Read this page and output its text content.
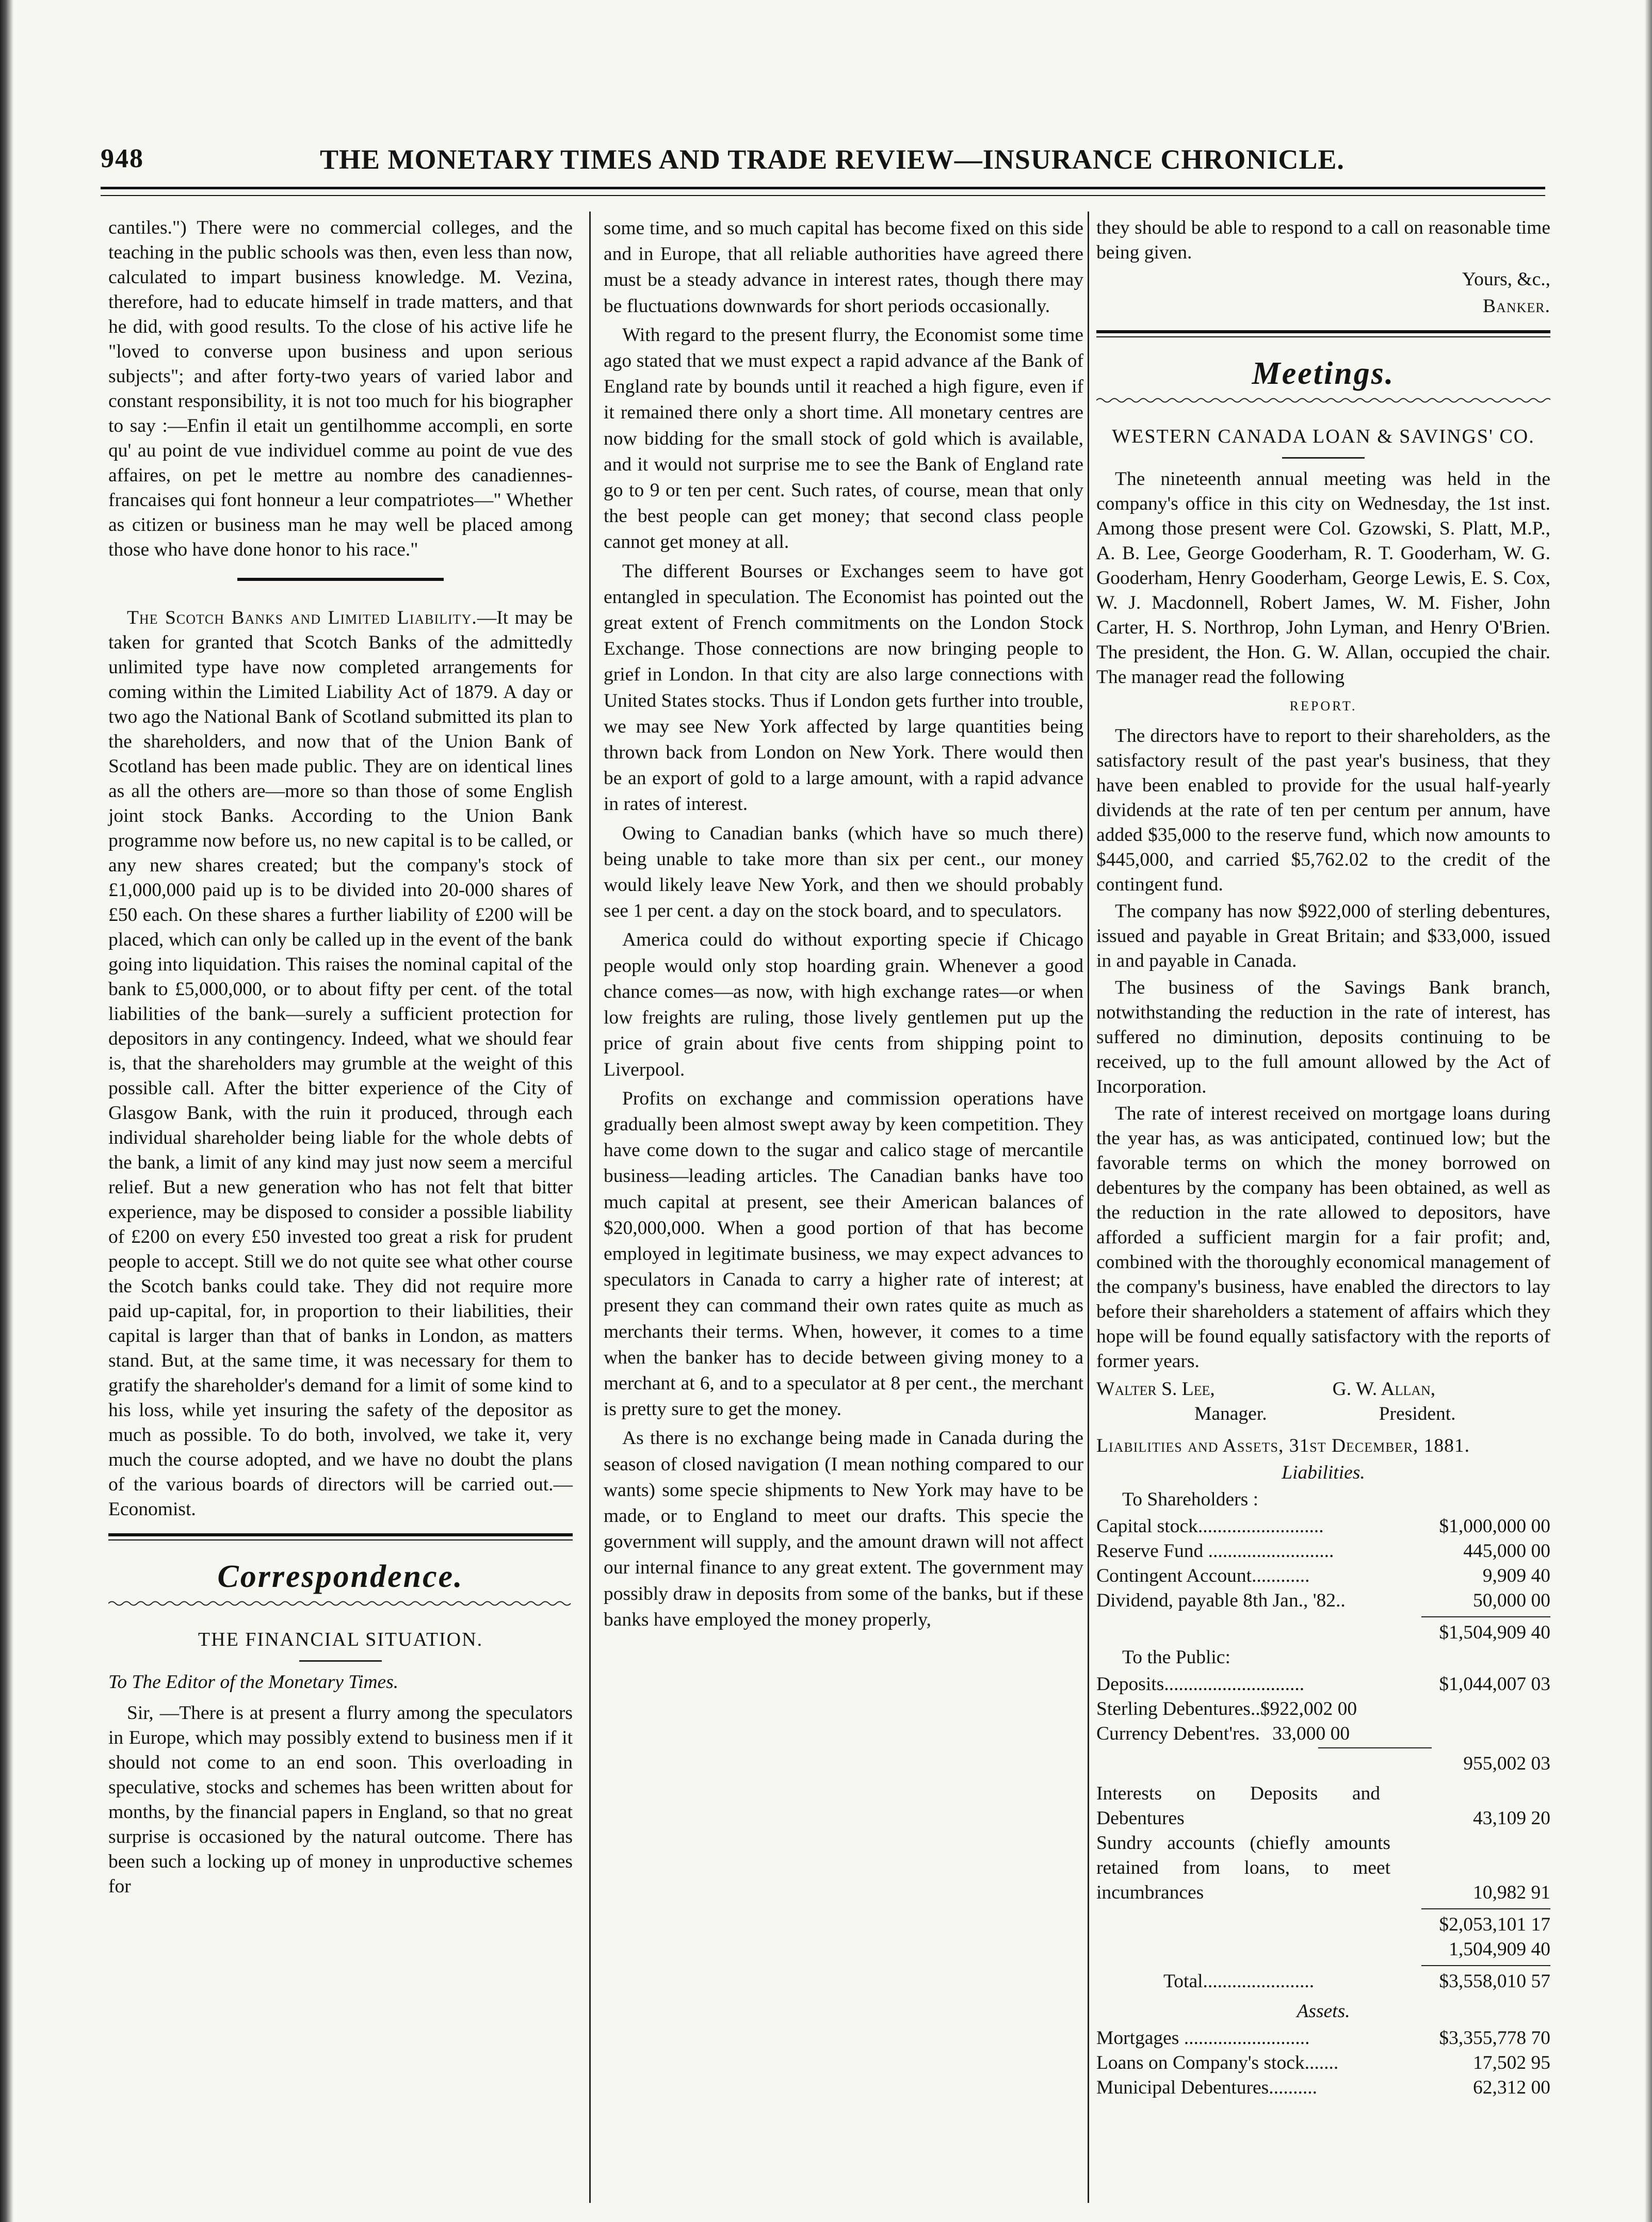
948	THE MONETARY TIMES AND TRADE REVIEW—INSURANCE CHRONICLE.

cantiles.") There were no commercial colleges, and the teaching in the public schools was then, even less than now, calculated to impart business knowledge. M. Vezina, therefore, had to educate himself in trade matters, and that he did, with good results. To the close of his active life he "loved to converse upon business and upon serious subjects"; and after forty-two years of varied labor and constant responsibility, it is not too much for his biographer to say :—Enfin il etait un gentilhomme accompli, en sorte qu' au point de vue individuel comme au point de vue des affaires, on pet le mettre au nombre des canadiennes-francaises qui font honneur a leur compatriotes—" Whether as citizen or business man he may well be placed among those who have done honor to his race."

The Scotch Banks and Limited Liability.—It may be taken for granted that Scotch Banks of the admittedly unlimited type have now completed arrangements for coming within the Limited Liability Act of 1879. A day or two ago the National Bank of Scotland submitted its plan to the shareholders, and now that of the Union Bank of Scotland has been made public. They are on identical lines as all the others are—more so than those of some English joint stock Banks. According to the Union Bank programme now before us, no new capital is to be called, or any new shares created; but the company's stock of £1,000,000 paid up is to be divided into 20-000 shares of £50 each. On these shares a further liability of £200 will be placed, which can only be called up in the event of the bank going into liquidation. This raises the nominal capital of the bank to £5,000,000, or to about fifty per cent. of the total liabilities of the bank—surely a sufficient protection for depositors in any contingency. Indeed, what we should fear is, that the shareholders may grumble at the weight of this possible call. After the bitter experience of the City of Glasgow Bank, with the ruin it produced, through each individual shareholder being liable for the whole debts of the bank, a limit of any kind may just now seem a merciful relief. But a new generation who has not felt that bitter experience, may be disposed to consider a possible liability of £200 on every £50 invested too great a risk for prudent people to accept. Still we do not quite see what other course the Scotch banks could take. They did not require more paid up-capital, for, in proportion to their liabilities, their capital is larger than that of banks in London, as matters stand. But, at the same time, it was necessary for them to gratify the shareholder's demand for a limit of some kind to his loss, while yet insuring the safety of the depositor as much as possible. To do both, involved, we take it, very much the course adopted, and we have no doubt the plans of the various boards of directors will be carried out.—Economist.

Correspondence.
THE FINANCIAL SITUATION.

To The Editor of the Monetary Times.

Sir, —There is at present a flurry among the speculators in Europe, which may possibly extend to business men if it should not come to an end soon. This overloading in speculative, stocks and schemes has been written about for months, by the financial papers in England, so that no great surprise is occasioned by the natural outcome. There has been such a locking up of money in unproductive schemes for

some time, and so much capital has become fixed on this side and in Europe, that all reliable authorities have agreed there must be a steady advance in interest rates, though there may be fluctuations downwards for short periods occasionally.

With regard to the present flurry, the Economist some time ago stated that we must expect a rapid advance af the Bank of England rate by bounds until it reached a high figure, even if it remained there only a short time. All monetary centres are now bidding for the small stock of gold which is available, and it would not surprise me to see the Bank of England rate go to 9 or ten per cent. Such rates, of course, mean that only the best people can get money; that second class people cannot get money at all.

The different Bourses or Exchanges seem to have got entangled in speculation. The Economist has pointed out the great extent of French commitments on the London Stock Exchange. Those connections are now bringing people to grief in London. In that city are also large connections with United States stocks. Thus if London gets further into trouble, we may see New York affected by large quantities being thrown back from London on New York. There would then be an export of gold to a large amount, with a rapid advance in rates of interest.

Owing to Canadian banks (which have so much there) being unable to take more than six per cent., our money would likely leave New York, and then we should probably see 1 per cent. a day on the stock board, and to speculators.

America could do without exporting specie if Chicago people would only stop hoarding grain. Whenever a good chance comes—as now, with high exchange rates—or when low freights are ruling, those lively gentlemen put up the price of grain about five cents from shipping point to Liverpool.

Profits on exchange and commission operations have gradually been almost swept away by keen competition. They have come down to the sugar and calico stage of mercantile business—leading articles. The Canadian banks have too much capital at present, see their American balances of $20,000,000. When a good portion of that has become employed in legitimate business, we may expect advances to speculators in Canada to carry a higher rate of interest; at present they can command their own rates quite as much as merchants their terms. When, however, it comes to a time when the banker has to decide between giving money to a merchant at 6, and to a speculator at 8 per cent., the merchant is pretty sure to get the money.

As there is no exchange being made in Canada during the season of closed navigation (I mean nothing compared to our wants) some specie shipments to New York may have to be made, or to England to meet our drafts. This specie the government will supply, and the amount drawn will not affect our internal finance to any great extent. The government may possibly draw in deposits from some of the banks, but if these banks have employed the money properly,

they should be able to respond to a call on reasonable time being given.

Yours, &c.,

Banker.

Meetings.
WESTERN CANADA LOAN & SAVINGS' CO.

The nineteenth annual meeting was held in the company's office in this city on Wednesday, the 1st inst. Among those present were Col. Gzowski, S. Platt, M.P., A. B. Lee, George Gooderham, R. T. Gooderham, W. G. Gooderham, Henry Gooderham, George Lewis, E. S. Cox, W. J. Macdonnell, Robert James, W. M. Fisher, John Carter, H. S. Northrop, John Lyman, and Henry O'Brien. The president, the Hon. G. W. Allan, occupied the chair. The manager read the following

REPORT.

The directors have to report to their shareholders, as the satisfactory result of the past year's business, that they have been enabled to provide for the usual half-yearly dividends at the rate of ten per centum per annum, have added $35,000 to the reserve fund, which now amounts to $445,000, and carried $5,762.02 to the credit of the contingent fund.

The company has now $922,000 of sterling debentures, issued and payable in Great Britain; and $33,000, issued in and payable in Canada.

The business of the Savings Bank branch, notwithstanding the reduction in the rate of interest, has suffered no diminution, deposits continuing to be received, up to the full amount allowed by the Act of Incorporation.

The rate of interest received on mortgage loans during the year has, as was anticipated, continued low; but the favorable terms on which the money borrowed on debentures by the company has been obtained, as well as the reduction in the rate allowed to depositors, have afforded a sufficient margin for a fair profit; and, combined with the thoroughly economical management of the company's business, have enabled the directors to lay before their shareholders a statement of affairs which they hope will be found equally satisfactory with the reports of former years.

Walter S. Lee,
Manager.
G. W. Allan,
President.

Liabilities and Assets, 31st December, 1881.

Liabilities.

To Shareholders :

Capital stock..........................	$1,000,000 00
Reserve Fund ..........................	445,000 00
Contingent Account............	9,909 40
Dividend, payable 8th Jan., '82..	50,000 00
$1,504,909 40

To the Public:

Deposits.............................	$1,044,007 03
Sterling Debentures..$922,002 00
Currency Debent'res. 33,000 00
955,002 03
Interests on Deposits and Debentures	43,109 20
Sundry accounts (chiefly amounts retained from loans, to meet incumbrances	10,982 91
$2,053,101 17
1,504,909 40
Total.......................	$3,558,010 57

Assets.

Mortgages ..........................	$3,355,778 70
Loans on Company's stock.......	17,502 95
Municipal Debentures..........	62,312 00
